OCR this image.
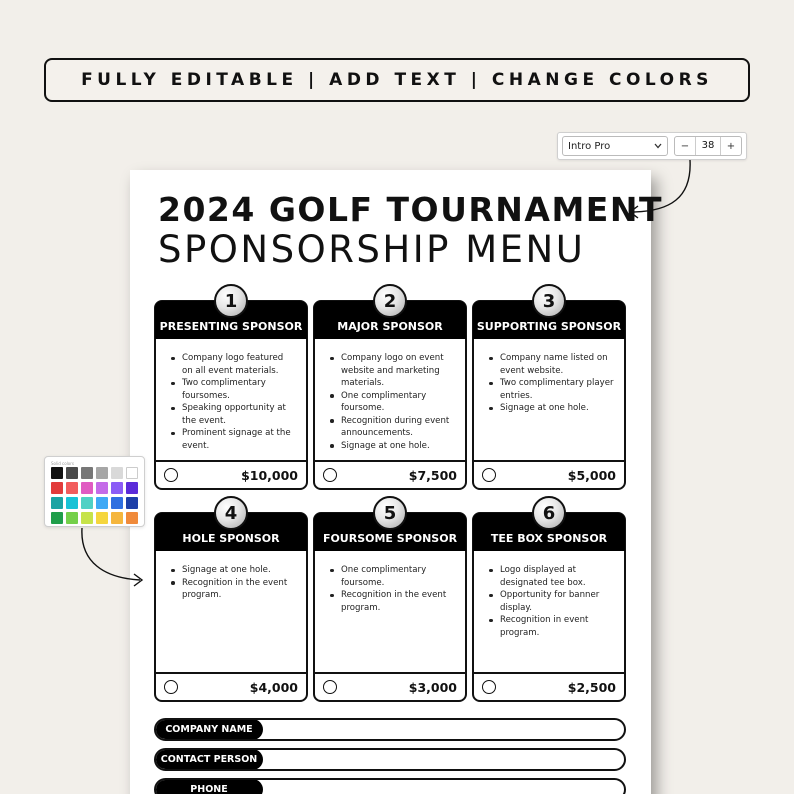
FULLY EDITABLE | ADD TEXT | CHANGE COLORS
2024 GOLF TOURNAMENT
SPONSORSHIP MENU
Intro Pro	−	38	+
Solid colors
1
PRESENTING SPONSOR
Company logo featured on all event materials.
Two complimentary foursomes.
Speaking opportunity at the event.
Prominent signage at the event.
$10,000
2
MAJOR SPONSOR
Company logo on event website and marketing materials.
One complimentary foursome.
Recognition during event announcements.
Signage at one hole.
$7,500
3
SUPPORTING SPONSOR
Company name listed on event website.
Two complimentary player entries.
Signage at one hole.
$5,000
4
HOLE SPONSOR
Signage at one hole.
Recognition in the event program.
$4,000
5
FOURSOME SPONSOR
One complimentary foursome.
Recognition in the event program.
$3,000
6
TEE BOX SPONSOR
Logo displayed at designated tee box.
Opportunity for banner display.
Recognition in event program.
$2,500
COMPANY NAME
CONTACT PERSON
PHONE
